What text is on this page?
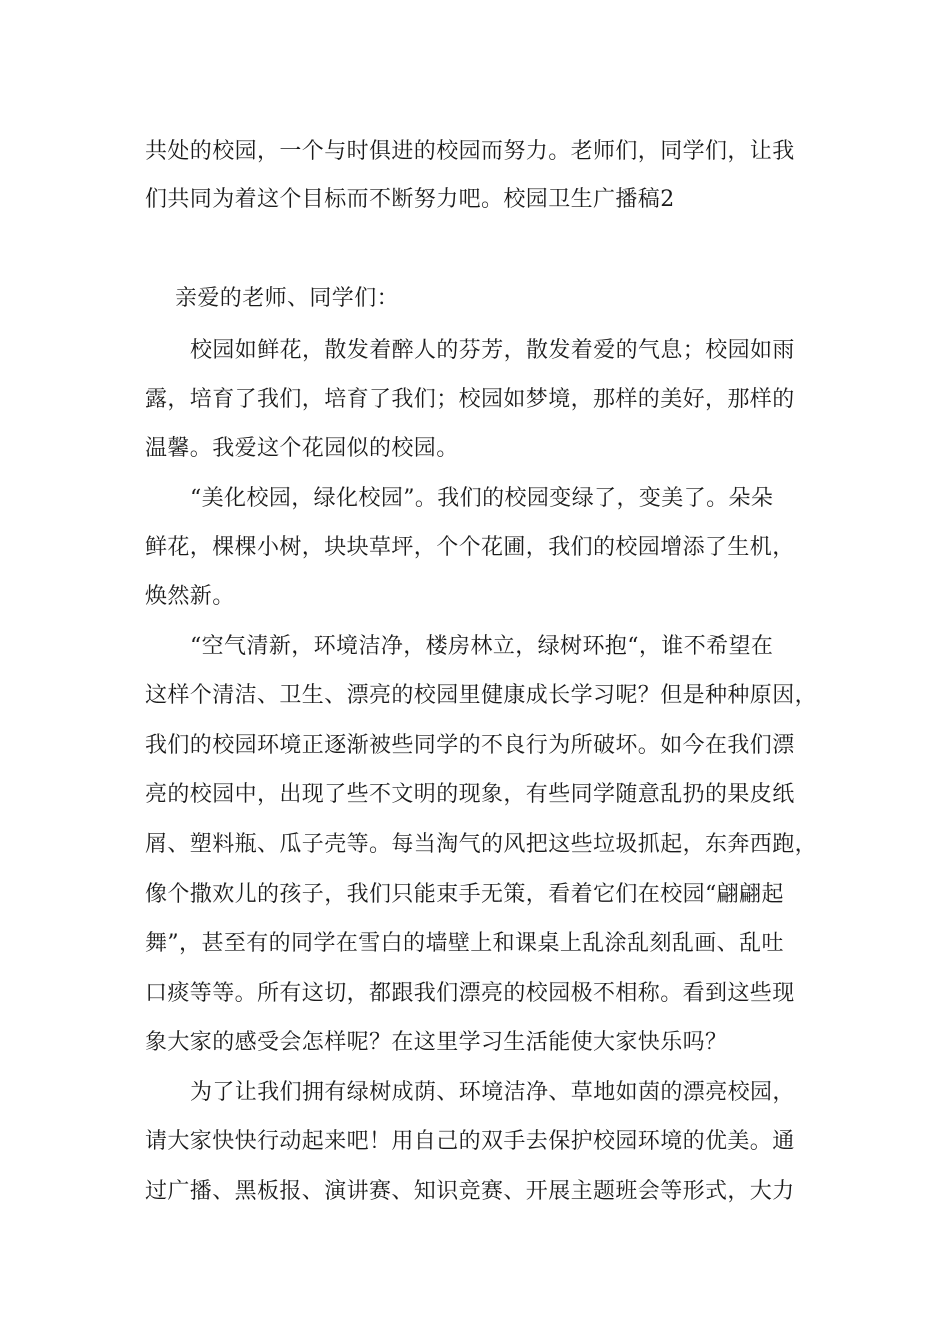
共处的校园，一个与时俱进的校园而努力。老师们，同学们，让我
们共同为着这个目标而不断努力吧。校园卫生广播稿2
亲爱的老师、同学们：
校园如鲜花，散发着醉人的芬芳，散发着爱的气息；校园如雨
露，培育了我们，培育了我们；校园如梦境，那样的美好，那样的
温馨。我爱这个花园似的校园。
“美化校园，绿化校园”。我们的校园变绿了，变美了。朵朵
鲜花，棵棵小树，块块草坪，个个花圃，我们的校园增添了生机，
焕然新。
“空气清新，环境洁净，楼房林立，绿树环抱“，谁不希望在
这样个清洁、卫生、漂亮的校园里健康成长学习呢？但是种种原因，
我们的校园环境正逐渐被些同学的不良行为所破坏。如今在我们漂
亮的校园中，出现了些不文明的现象，有些同学随意乱扔的果皮纸
屑、塑料瓶、瓜子壳等。每当淘气的风把这些垃圾抓起，东奔西跑，
像个撒欢儿的孩子，我们只能束手无策，看着它们在校园“翩翩起
舞”，甚至有的同学在雪白的墙壁上和课桌上乱涂乱刻乱画、乱吐
口痰等等。所有这切，都跟我们漂亮的校园极不相称。看到这些现
象大家的感受会怎样呢？在这里学习生活能使大家快乐吗？
为了让我们拥有绿树成荫、环境洁净、草地如茵的漂亮校园，
请大家快快行动起来吧！用自己的双手去保护校园环境的优美。通
过广播、黑板报、演讲赛、知识竞赛、开展主题班会等形式，大力
